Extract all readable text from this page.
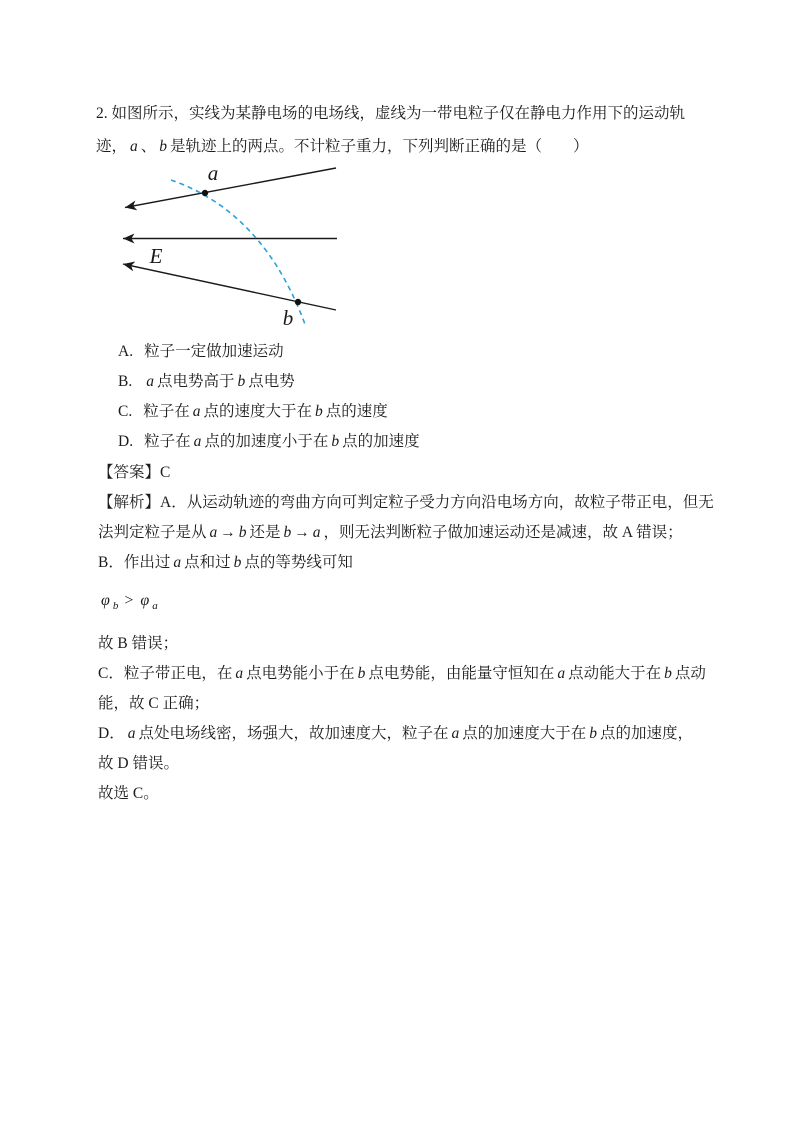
2. 如图所示，实线为某静电场的电场线，虚线为一带电粒子仅在静电力作用下的运动轨
迹， a 、 b 是轨迹上的两点。不计粒子重力，下列判断正确的是（　　）
a
b
E
A. 粒子一定做加速运动
B. a 点电势高于 b 点电势
C. 粒子在 a 点的速度大于在 b 点的速度
D. 粒子在 a 点的加速度小于在 b 点的加速度
【答案】C
【解析】A．从运动轨迹的弯曲方向可判定粒子受力方向沿电场方向，故粒子带正电，但无
法判定粒子是从 a → b 还是 b → a ，则无法判断粒子做加速运动还是减速，故 A 错误；
B．作出过 a 点和过 b 点的等势线可知
φ $_b$ > φ $_a$
故 B 错误；
C．粒子带正电，在 a 点电势能小于在 b 点电势能，由能量守恒知在 a 点动能大于在 b 点动
能，故 C 正确；
D． a 点处电场线密，场强大，故加速度大，粒子在 a 点的加速度大于在 b 点的加速度，
故 D 错误。
故选 C。
